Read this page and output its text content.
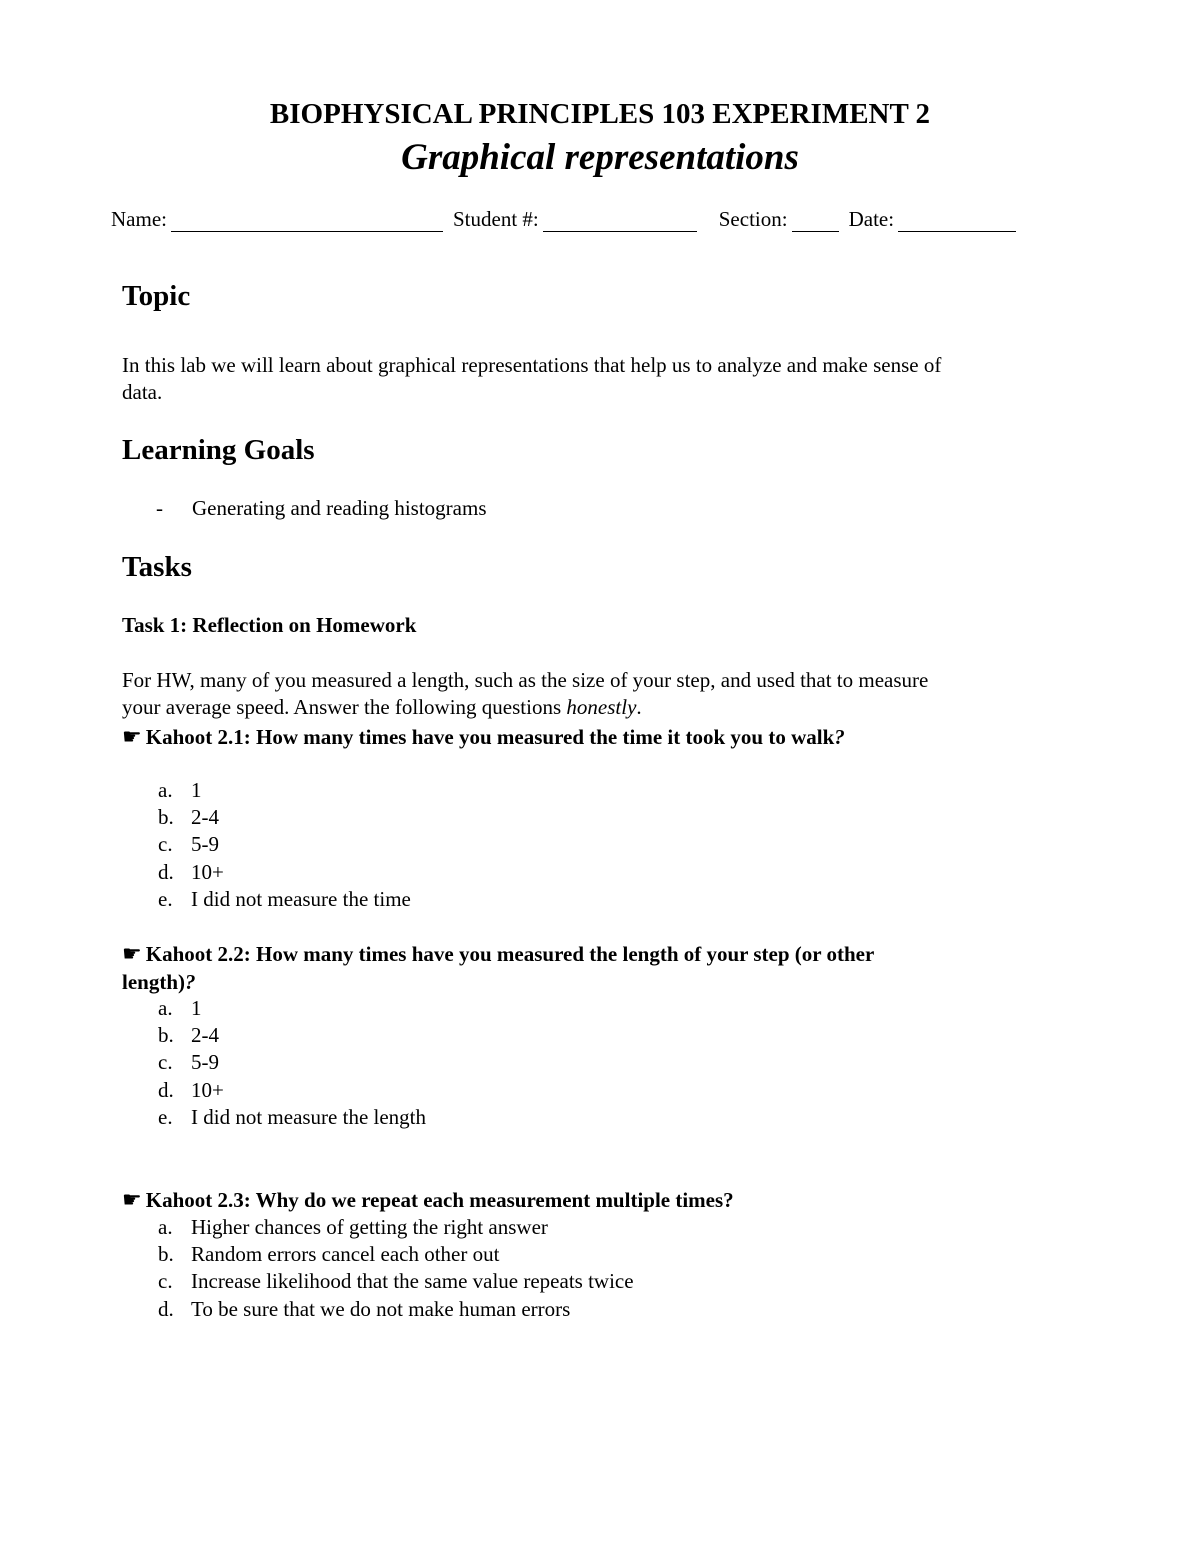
BIOPHYSICAL PRINCIPLES 103 EXPERIMENT 2
Graphical representations
Name:	Student #:	Section:	Date:
Topic
In this lab we will learn about graphical representations that help us to analyze and make sense of data.
Learning Goals
-	Generating and reading histograms
Tasks
Task 1: Reflection on Homework
For HW, many of you measured a length, such as the size of your step, and used that to measure your average speed. Answer the following questions honestly.
☛ Kahoot 2.1: How many times have you measured the time it took you to walk?
a. 1
b. 2-4
c. 5-9
d. 10+
e. I did not measure the time
☛ Kahoot 2.2: How many times have you measured the length of your step (or other length)?
a. 1
b. 2-4
c. 5-9
d. 10+
e. I did not measure the length
☛ Kahoot 2.3: Why do we repeat each measurement multiple times?
a. Higher chances of getting the right answer
b. Random errors cancel each other out
c. Increase likelihood that the same value repeats twice
d. To be sure that we do not make human errors
